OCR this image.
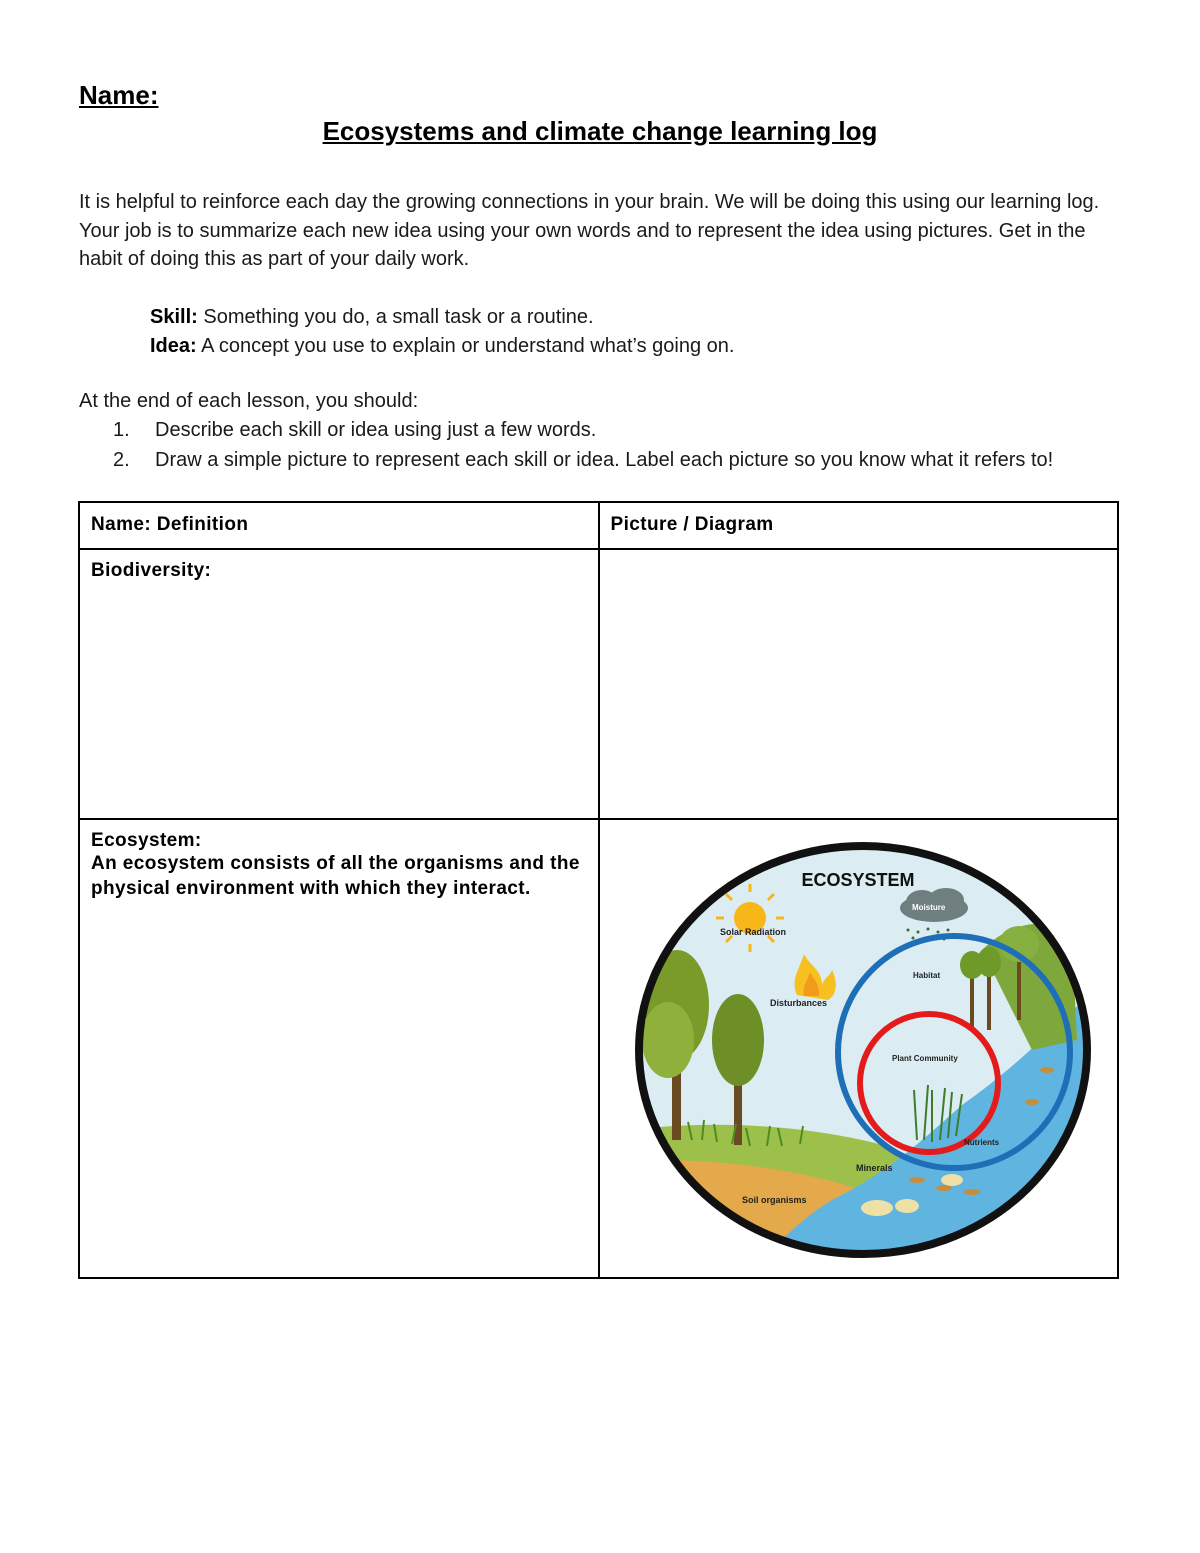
Name:
Ecosystems and climate change learning log
It is helpful to reinforce each day the growing connections in your brain. We will be doing this using our learning log. Your job is to summarize each new idea using your own words and to represent the idea using pictures. Get in the habit of doing this as part of your daily work.
Skill: Something you do, a small task or a routine.
Idea: A concept you use to explain or understand what’s going on.
At the end of each lesson, you should:
1.	Describe each skill or idea using just a few words.
2.	Draw a simple picture to represent each skill or idea. Label each picture so you know what it refers to!
Name: Definition	Picture / Diagram

Biodiversity:	

Ecosystem:
An ecosystem consists of all the organisms and the physical environment with which they interact.	
		ECOSYSTEM
Solar Radiation
Moisture
Habitat
Disturbances
Plant Community
Nutrients
Minerals
Soil organisms
